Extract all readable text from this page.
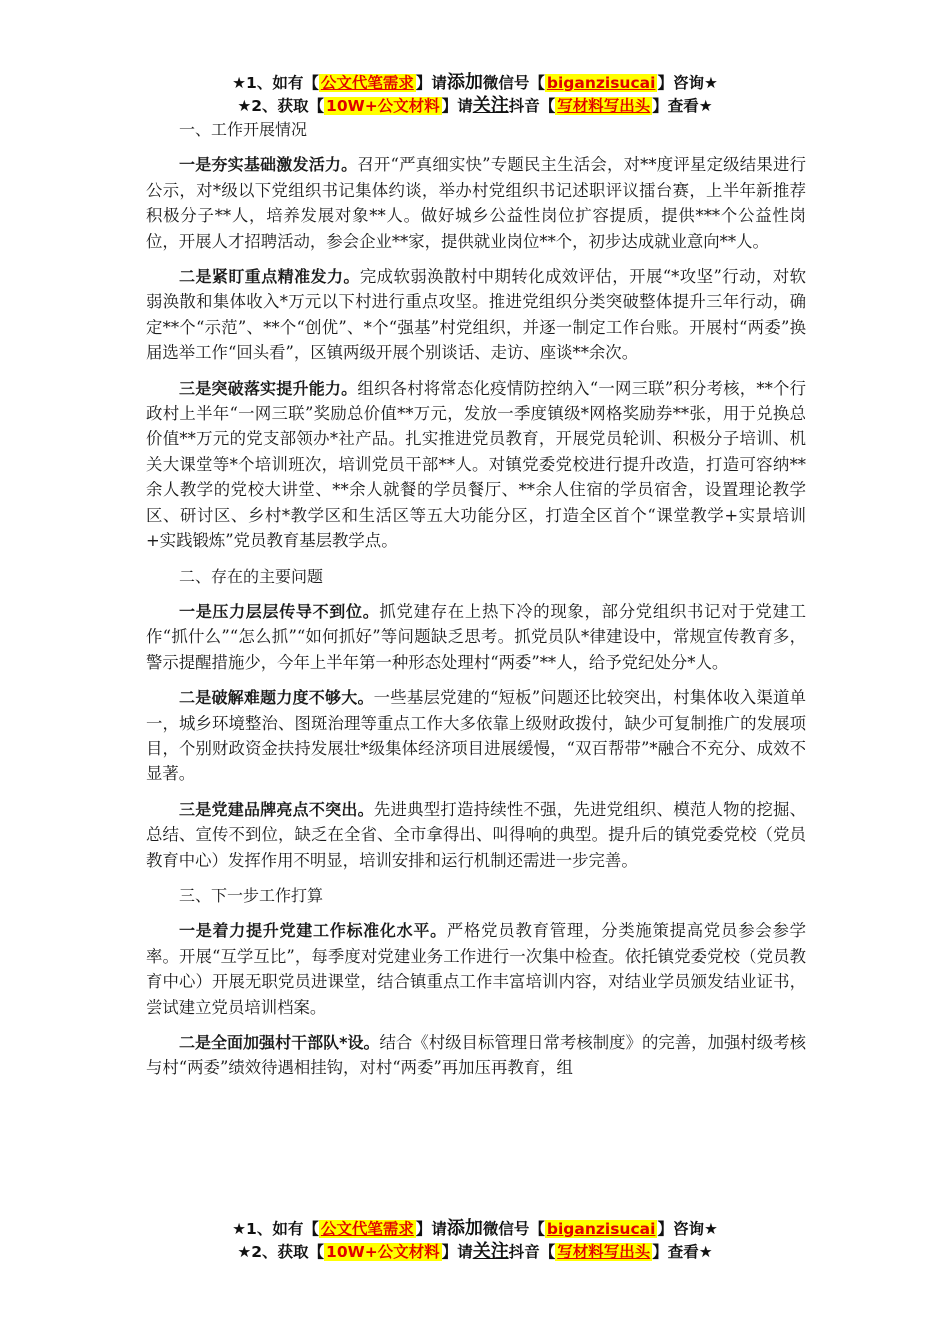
★1、如有【 公文代笔需求 】请添加微信号【 biganzisucai 】咨询★
★2、获取【 10W+公文材料 】请关注抖音【 写材料写出头 】查看★
一、工作开展情况

一是夯实基础激发活力。召开“严真细实快”专题民主生活会，对**度评星定级结果进行公示，对*级以下党组织书记集体约谈，举办村党组织书记述职评议擂台赛，上半年新推荐积极分子**人，培养发展对象**人。做好城乡公益性岗位扩容提质，提供***个公益性岗位，开展人才招聘活动，参会企业**家，提供就业岗位**个，初步达成就业意向**人。

二是紧盯重点精准发力。完成软弱涣散村中期转化成效评估，开展“*攻坚”行动，对软弱涣散和集体收入*万元以下村进行重点攻坚。推进党组织分类突破整体提升三年行动，确定**个“示范”、**个“创优”、*个“强基”村党组织，并逐一制定工作台账。开展村“两委”换届选举工作“回头看”，区镇两级开展个别谈话、走访、座谈**余次。

三是突破落实提升能力。组织各村将常态化疫情防控纳入“一网三联”积分考核，**个行政村上半年“一网三联”奖励总价值**万元，发放一季度镇级*网格奖励券**张，用于兑换总价值**万元的党支部领办*社产品。扎实推进党员教育，开展党员轮训、积极分子培训、机关大课堂等*个培训班次，培训党员干部**人。对镇党委党校进行提升改造，打造可容纳**余人教学的党校大讲堂、**余人就餐的学员餐厅、**余人住宿的学员宿舍，设置理论教学区、研讨区、乡村*教学区和生活区等五大功能分区，打造全区首个“课堂教学+实景培训+实践锻炼”党员教育基层教学点。

二、存在的主要问题

一是压力层层传导不到位。抓党建存在上热下冷的现象，部分党组织书记对于党建工作“抓什么”“怎么抓”“如何抓好”等问题缺乏思考。抓党员队*律建设中，常规宣传教育多，警示提醒措施少，今年上半年第一种形态处理村“两委”**人，给予党纪处分*人。

二是破解难题力度不够大。一些基层党建的“短板”问题还比较突出，村集体收入渠道单一，城乡环境整治、图斑治理等重点工作大多依靠上级财政拨付，缺少可复制推广的发展项目，个别财政资金扶持发展壮*级集体经济项目进展缓慢，“双百帮带”*融合不充分、成效不显著。

三是党建品牌亮点不突出。先进典型打造持续性不强，先进党组织、模范人物的挖掘、总结、宣传不到位，缺乏在全省、全市拿得出、叫得响的典型。提升后的镇党委党校（党员教育中心）发挥作用不明显，培训安排和运行机制还需进一步完善。

三、下一步工作打算

一是着力提升党建工作标准化水平。严格党员教育管理，分类施策提高党员参会参学率。开展“互学互比”，每季度对党建业务工作进行一次集中检查。依托镇党委党校（党员教育中心）开展无职党员进课堂，结合镇重点工作丰富培训内容，对结业学员颁发结业证书，尝试建立党员培训档案。

二是全面加强村干部队*设。结合《村级目标管理日常考核制度》的完善，加强村级考核与村“两委”绩效待遇相挂钩，对村“两委”再加压再教育，组

★1、如有【 公文代笔需求 】请添加微信号【 biganzisucai 】咨询★
★2、获取【 10W+公文材料 】请关注抖音【 写材料写出头 】查看★
